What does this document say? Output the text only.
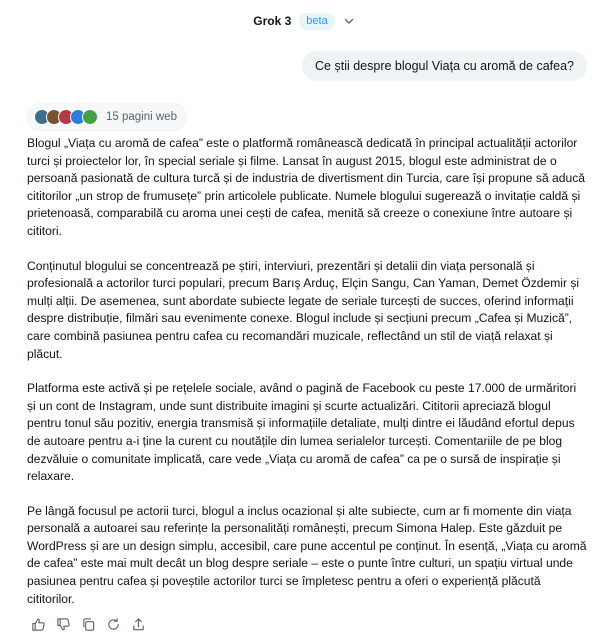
Grok 3	beta
Ce știi despre blogul Viața cu aromă de cafea?
15 pagini web

Blogul „Viața cu aromă de cafea” este o platformă românească dedicată în principal actualității actorilor turci și proiectelor lor, în special seriale și filme. Lansat în august 2015, blogul este administrat de o persoană pasionată de cultura turcă și de industria de divertisment din Turcia, care își propune să aducă cititorilor „un strop de frumusețe” prin articolele publicate. Numele blogului sugerează o invitație caldă și prietenoasă, comparabilă cu aroma unei cești de cafea, menită să creeze o conexiune între autoare și cititori.

Conținutul blogului se concentrează pe știri, interviuri, prezentări și detalii din viața personală și profesională a actorilor turci populari, precum Barış Arduç, Elçin Sangu, Can Yaman, Demet Özdemir și mulți alții. De asemenea, sunt abordate subiecte legate de seriale turcești de succes, oferind informații despre distribuție, filmări sau evenimente conexe. Blogul include și secțiuni precum „Cafea și Muzică”, care combină pasiunea pentru cafea cu recomandări muzicale, reflectând un stil de viață relaxat și plăcut.

Platforma este activă și pe rețelele sociale, având o pagină de Facebook cu peste 17.000 de urmăritori și un cont de Instagram, unde sunt distribuite imagini și scurte actualizări. Cititorii apreciază blogul pentru tonul său pozitiv, energia transmisă și informațiile detaliate, mulți dintre ei lăudând efortul depus de autoare pentru a-i ține la curent cu noutățile din lumea serialelor turcești. Comentariile de pe blog dezvăluie o comunitate implicată, care vede „Viața cu aromă de cafea” ca pe o sursă de inspirație și relaxare.

Pe lângă focusul pe actorii turci, blogul a inclus ocazional și alte subiecte, cum ar fi momente din viața personală a autoarei sau referințe la personalități românești, precum Simona Halep. Este găzduit pe WordPress și are un design simplu, accesibil, care pune accentul pe conținut. În esență, „Viața cu aromă de cafea” este mai mult decât un blog despre seriale – este o punte între culturi, un spațiu virtual unde pasiunea pentru cafea și poveștile actorilor turci se împletesc pentru a oferi o experiență plăcută cititorilor.
